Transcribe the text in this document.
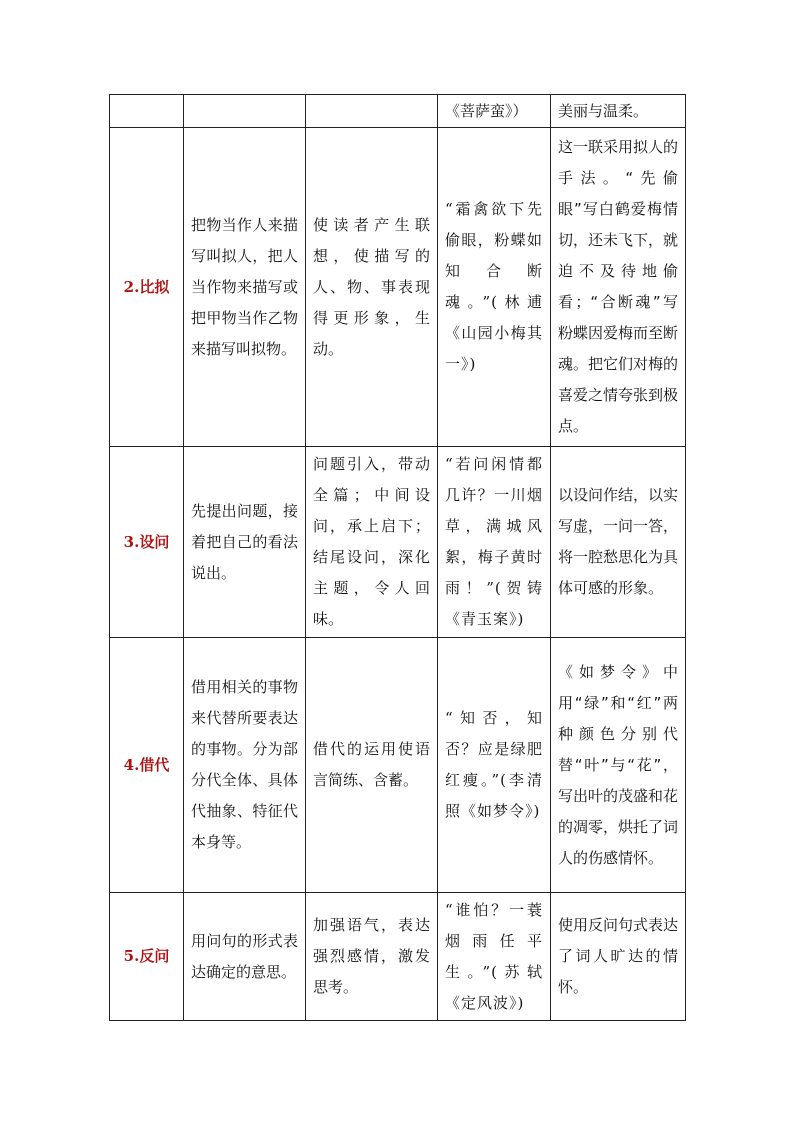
			《菩萨蛮》）	美丽与温柔。
2.比拟	把物当作人来描写叫拟人，把人当作物来描写或把甲物当作乙物来描写叫拟物。	使读者产生联想，使描写的人、物、事表现得更形象，生动。	“霜禽欲下先偷眼，粉蝶如知合断魂。”(林逋《山园小梅其一》)	这一联采用拟人的手法。“先偷眼”写白鹤爱梅情切，还未飞下，就迫不及待地偷看；“合断魂”写粉蝶因爱梅而至断魂。把它们对梅的喜爱之情夸张到极点。
3.设问	先提出问题，接着把自己的看法说出。	问题引入，带动全篇；中间设问，承上启下；结尾设问，深化主题，令人回味。	“若问闲情都几许？一川烟草，满城风絮，梅子黄时雨！”(贺铸《青玉案》)	以设问作结，以实写虚，一问一答，将一腔愁思化为具体可感的形象。
4.借代	借用相关的事物来代替所要表达的事物。分为部分代全体、具体代抽象、特征代本身等。	借代的运用使语言简练、含蓄。	“知否，知否？应是绿肥红瘦。”(李清照《如梦令》)	《如梦令》中用“绿”和“红”两种颜色分别代替“叶”与“花”，写出叶的茂盛和花的凋零，烘托了词人的伤感情怀。
5.反问	用问句的形式表达确定的意思。	加强语气，表达强烈感情，激发思考。	“谁怕？一蓑烟雨任平生。”(苏轼《定风波》)	使用反问句式表达了词人旷达的情怀。
